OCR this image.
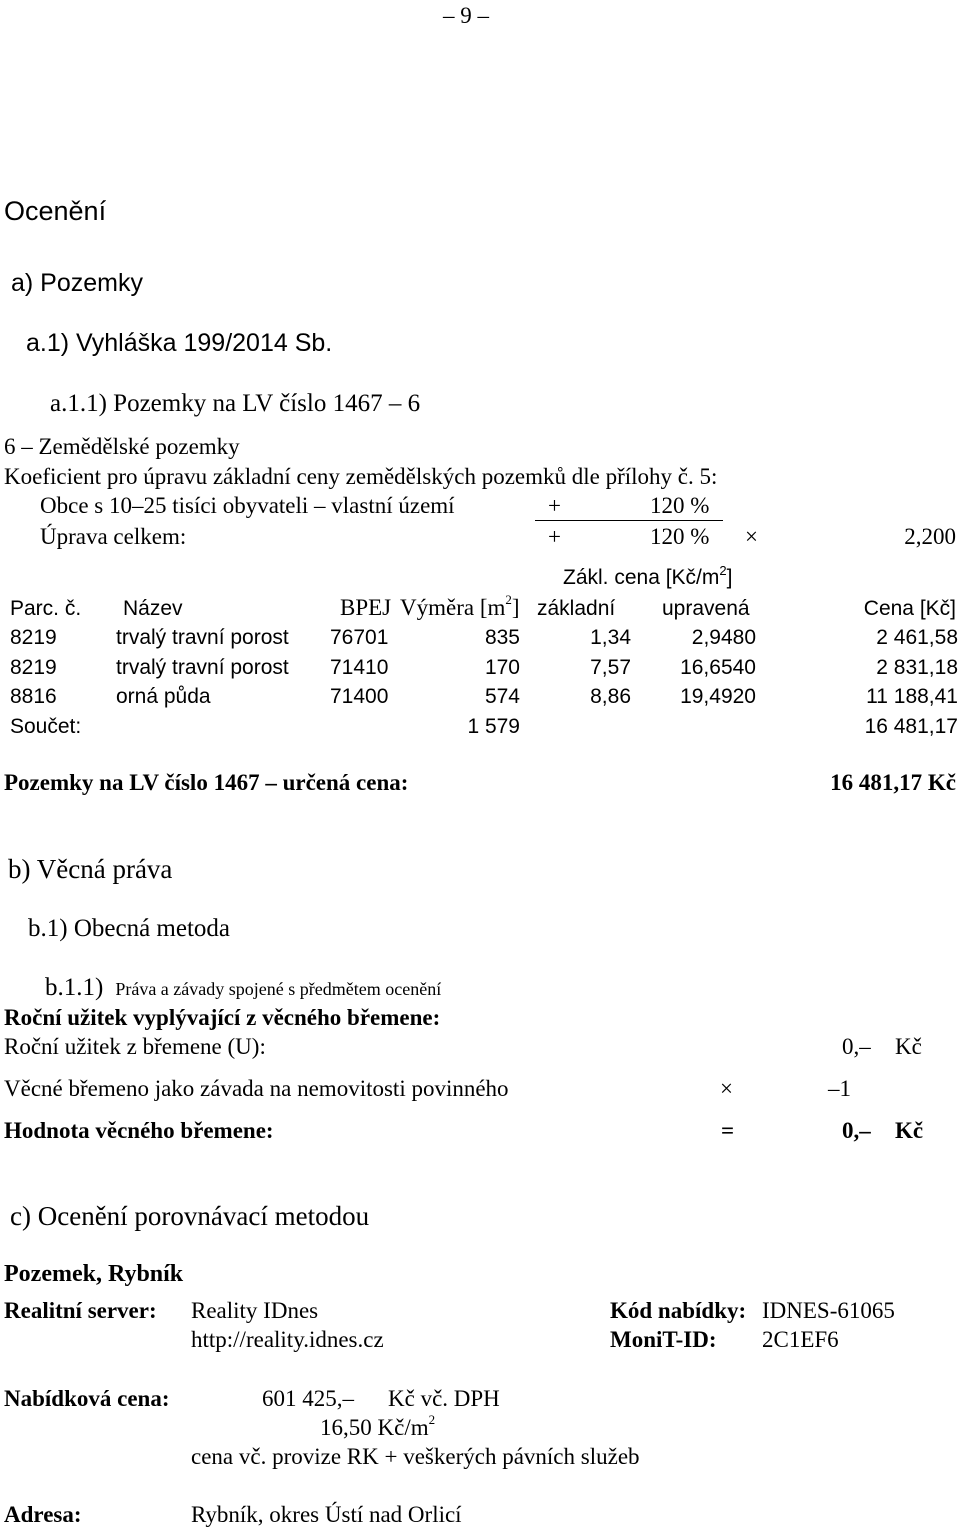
– 9 –
Ocenění
a) Pozemky
a.1) Vyhláška 199/2014 Sb.
a.1.1) Pozemky na LV číslo 1467 – 6
6 – Zemědělské pozemky
Koeficient pro úpravu základní ceny zemědělských pozemků dle přílohy č. 5:
Obce s 10–25 tisíci obyvateli – vlastní území	+	120 %
Úprava celkem:	+	120 % ×	2,200
Zákl. cena $[Kč/m^2]$
Parc. č. Název	BPEJ Výměra $[m^2]$ základní upravená	Cena [Kč]
8219	trvalý travní porost 76701	835	1,34	2,9480	2 461,58
8219	trvalý travní porost 71410	170	7,57	16,6540	2 831,18
8816	orná půda	71400	574	8,86	19,4920	11 188,41
Součet:	1 579	16 481,17
Pozemky na LV číslo 1467 – určená cena:	16 481,17 Kč
b) Věcná práva
b.1) Obecná metoda
b.1.1) Práva a závady spojené s předmětem ocenění
Roční užitek vyplývající z věcného břemene:
Roční užitek z břemene (U):	0,– Kč
Věcné břemeno jako závada na nemovitosti povinného	×	–1
Hodnota věcného břemene:	=	0,– Kč
c) Ocenění porovnávací metodou
Pozemek, Rybník
Realitní server: Reality IDnes	Kód nabídky: IDNES-61065
http://reality.idnes.cz	MoniT-ID: 2C1EF6
Nabídková cena:	601 425,– Kč vč. DPH
16,50 $Kč/m^2$
cena vč. provize RK + veškerých pávních služeb
Adresa:	Rybník, okres Ústí nad Orlicí
